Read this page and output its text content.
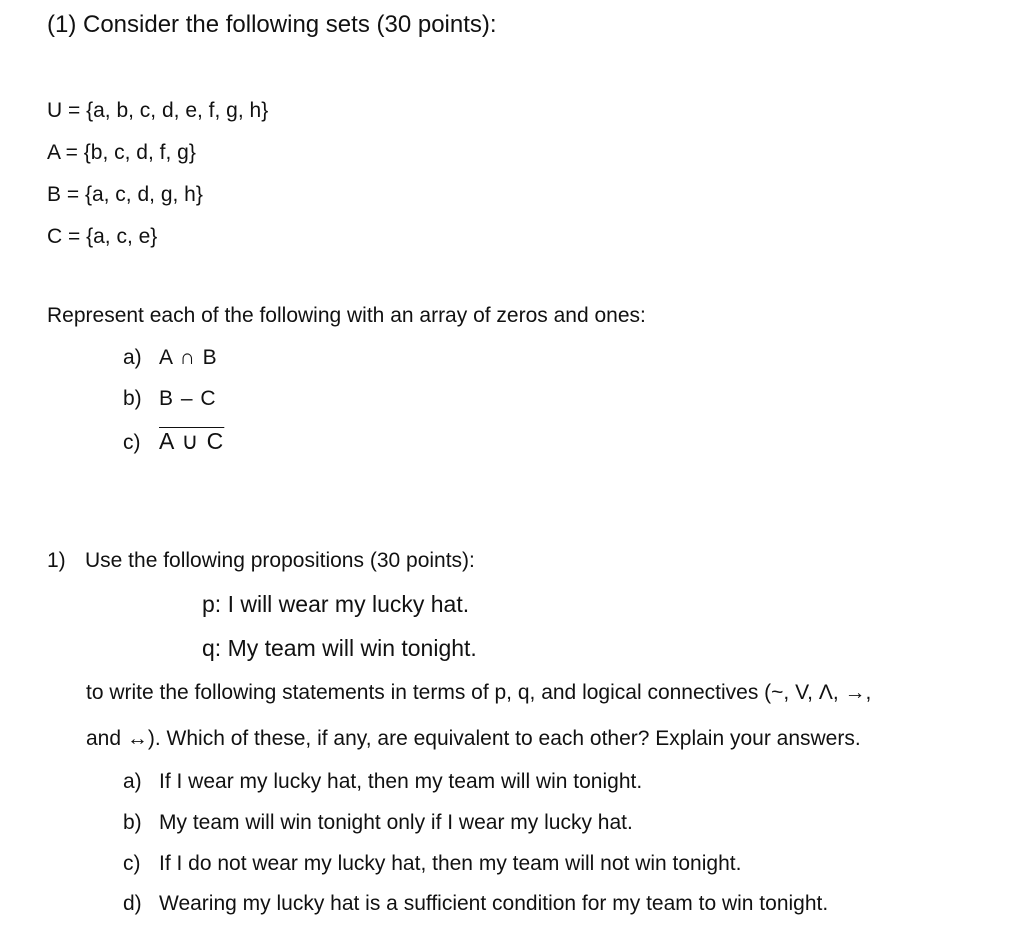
(1) Consider the following sets (30 points):
U = {a, b, c, d, e, f, g, h}
A = {b, c, d, f, g}
B = {a, c, d, g, h}
C = {a, c, e}
Represent each of the following with an array of zeros and ones:
a) A ∩ B
b) B – C
c) A ∪ C
1) Use the following propositions (30 points):
p: I will wear my lucky hat.
q: My team will win tonight.
to write the following statements in terms of p, q, and logical connectives (~, V, Λ, →,
and ↔). Which of these, if any, are equivalent to each other? Explain your answers.
a) If I wear my lucky hat, then my team will win tonight.
b) My team will win tonight only if I wear my lucky hat.
c) If I do not wear my lucky hat, then my team will not win tonight.
d) Wearing my lucky hat is a sufficient condition for my team to win tonight.
